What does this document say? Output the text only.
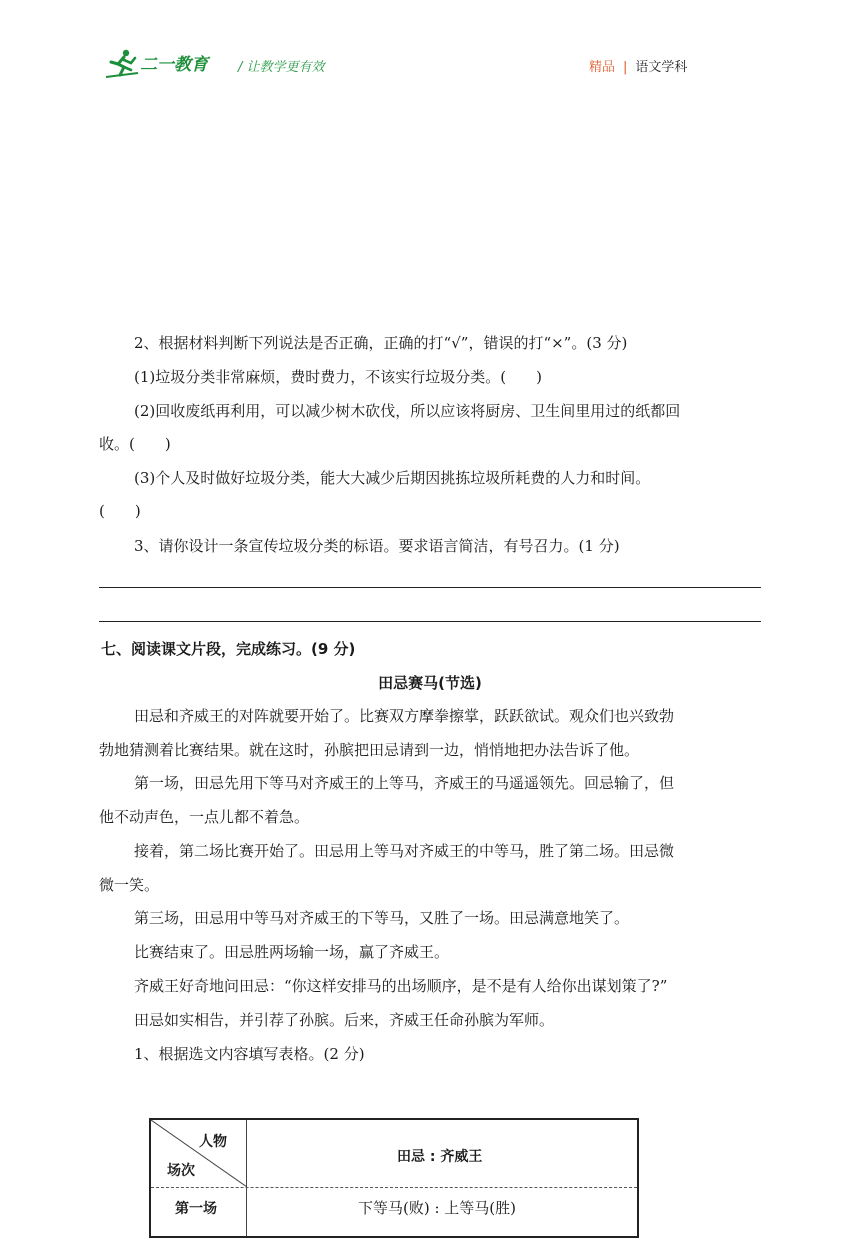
二一教育 / 让教学更有效	精品 | 语文学科
2、根据材料判断下列说法是否正确，正确的打“√”，错误的打“×”。(3 分)
(1)垃圾分类非常麻烦，费时费力，不该实行垃圾分类。(　　)
(2)回收废纸再利用，可以减少树木砍伐，所以应该将厨房、卫生间里用过的纸都回
收。(　　)
(3)个人及时做好垃圾分类，能大大减少后期因挑拣垃圾所耗费的人力和时间。
(　　)
3、请你设计一条宣传垃圾分类的标语。要求语言简洁，有号召力。(1 分)
七、阅读课文片段，完成练习。(9 分)
田忌赛马(节选)
田忌和齐威王的对阵就要开始了。比赛双方摩拳擦掌，跃跃欲试。观众们也兴致勃
勃地猜测着比赛结果。就在这时，孙膑把田忌请到一边，悄悄地把办法告诉了他。
第一场，田忌先用下等马对齐威王的上等马，齐威王的马遥遥领先。回忌输了，但
他不动声色，一点儿都不着急。
接着，第二场比赛开始了。田忌用上等马对齐威王的中等马，胜了第二场。田忌微
微一笑。
第三场，田忌用中等马对齐威王的下等马，又胜了一场。田忌满意地笑了。
比赛结束了。田忌胜两场输一场，赢了齐威王。
齐威王好奇地问田忌：“你这样安排马的出场顺序，是不是有人给你出谋划策了?”
田忌如实相告，并引荐了孙膑。后来，齐威王任命孙膑为军师。
1、根据选文内容填写表格。(2 分)
人物
场次
田忌 : 齐威王
第一场	下等马(败) : 上等马(胜)
